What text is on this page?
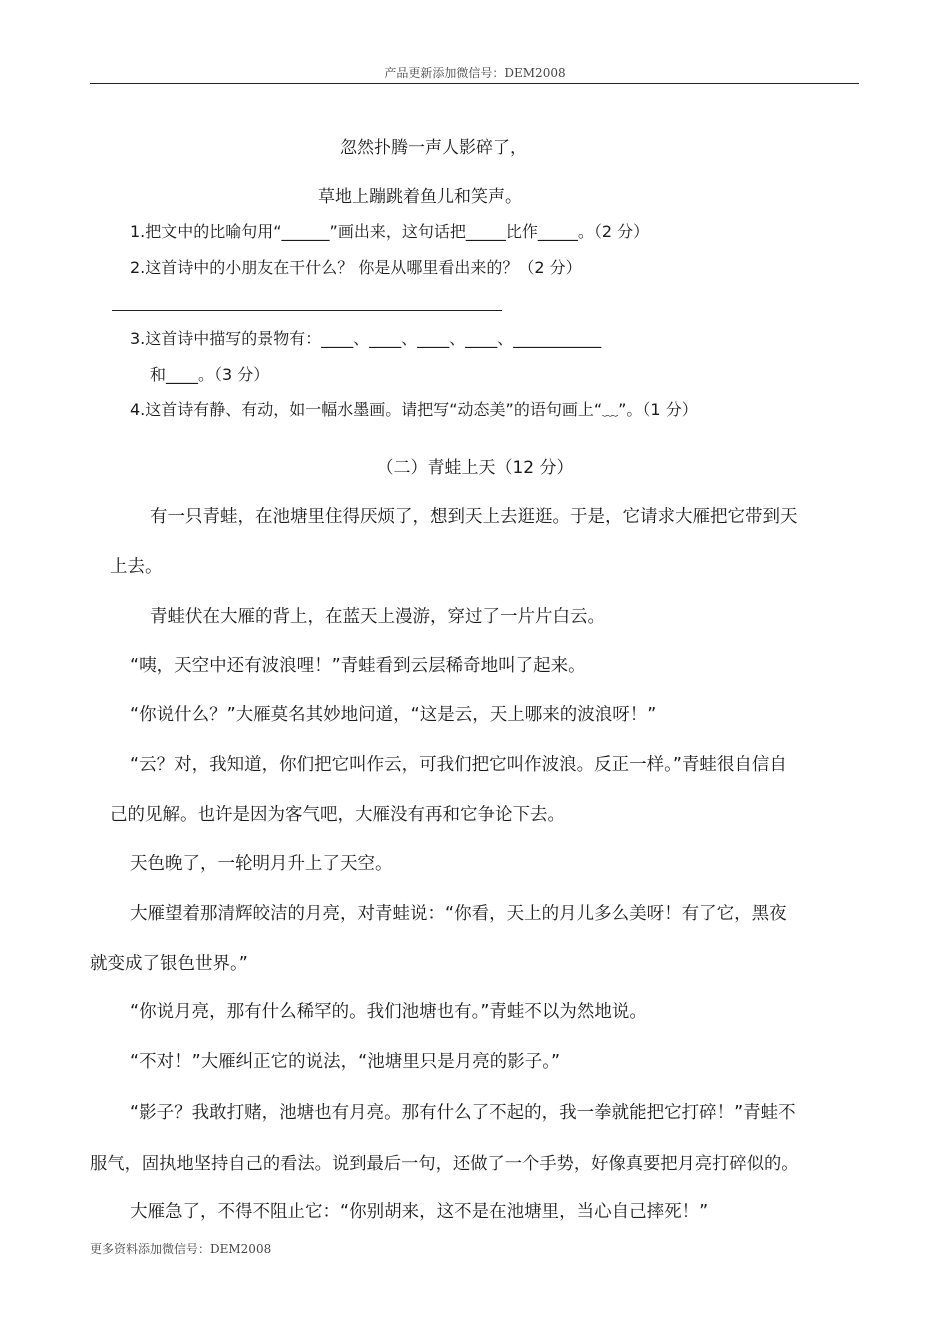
产品更新添加微信号：DEM2008
忽然扑腾一声人影碎了，
草地上蹦跳着鱼儿和笑声。
1.把文中的比喻句用“______”画出来，这句话把_____比作_____。（2 分）
2.这首诗中的小朋友在干什么？ 你是从哪里看出来的？（2 分）
3.这首诗中描写的景物有：____、____、____、____、___________
和____。（3 分）
4.这首诗有静、有动，如一幅水墨画。请把写“动态美”的语句画上“﹏”。（1 分）
（二）青蛙上天（12 分）
有一只青蛙，在池塘里住得厌烦了，想到天上去逛逛。于是，它请求大雁把它带到天
上去。
青蛙伏在大雁的背上，在蓝天上漫游，穿过了一片片白云。
“咦，天空中还有波浪哩！”青蛙看到云层稀奇地叫了起来。
“你说什么？”大雁莫名其妙地问道，“这是云，天上哪来的波浪呀！”
“云？对，我知道，你们把它叫作云，可我们把它叫作波浪。反正一样。”青蛙很自信自
己的见解。也许是因为客气吧，大雁没有再和它争论下去。
天色晚了，一轮明月升上了天空。
大雁望着那清辉皎洁的月亮，对青蛙说：“你看，天上的月儿多么美呀！有了它，黑夜
就变成了银色世界。”
“你说月亮，那有什么稀罕的。我们池塘也有。”青蛙不以为然地说。
“不对！”大雁纠正它的说法，“池塘里只是月亮的影子。”
“影子？我敢打赌，池塘也有月亮。那有什么了不起的，我一拳就能把它打碎！”青蛙不
服气，固执地坚持自己的看法。说到最后一句，还做了一个手势，好像真要把月亮打碎似的。
大雁急了，不得不阻止它：“你别胡来，这不是在池塘里，当心自己摔死！”
更多资料添加微信号：DEM2008
